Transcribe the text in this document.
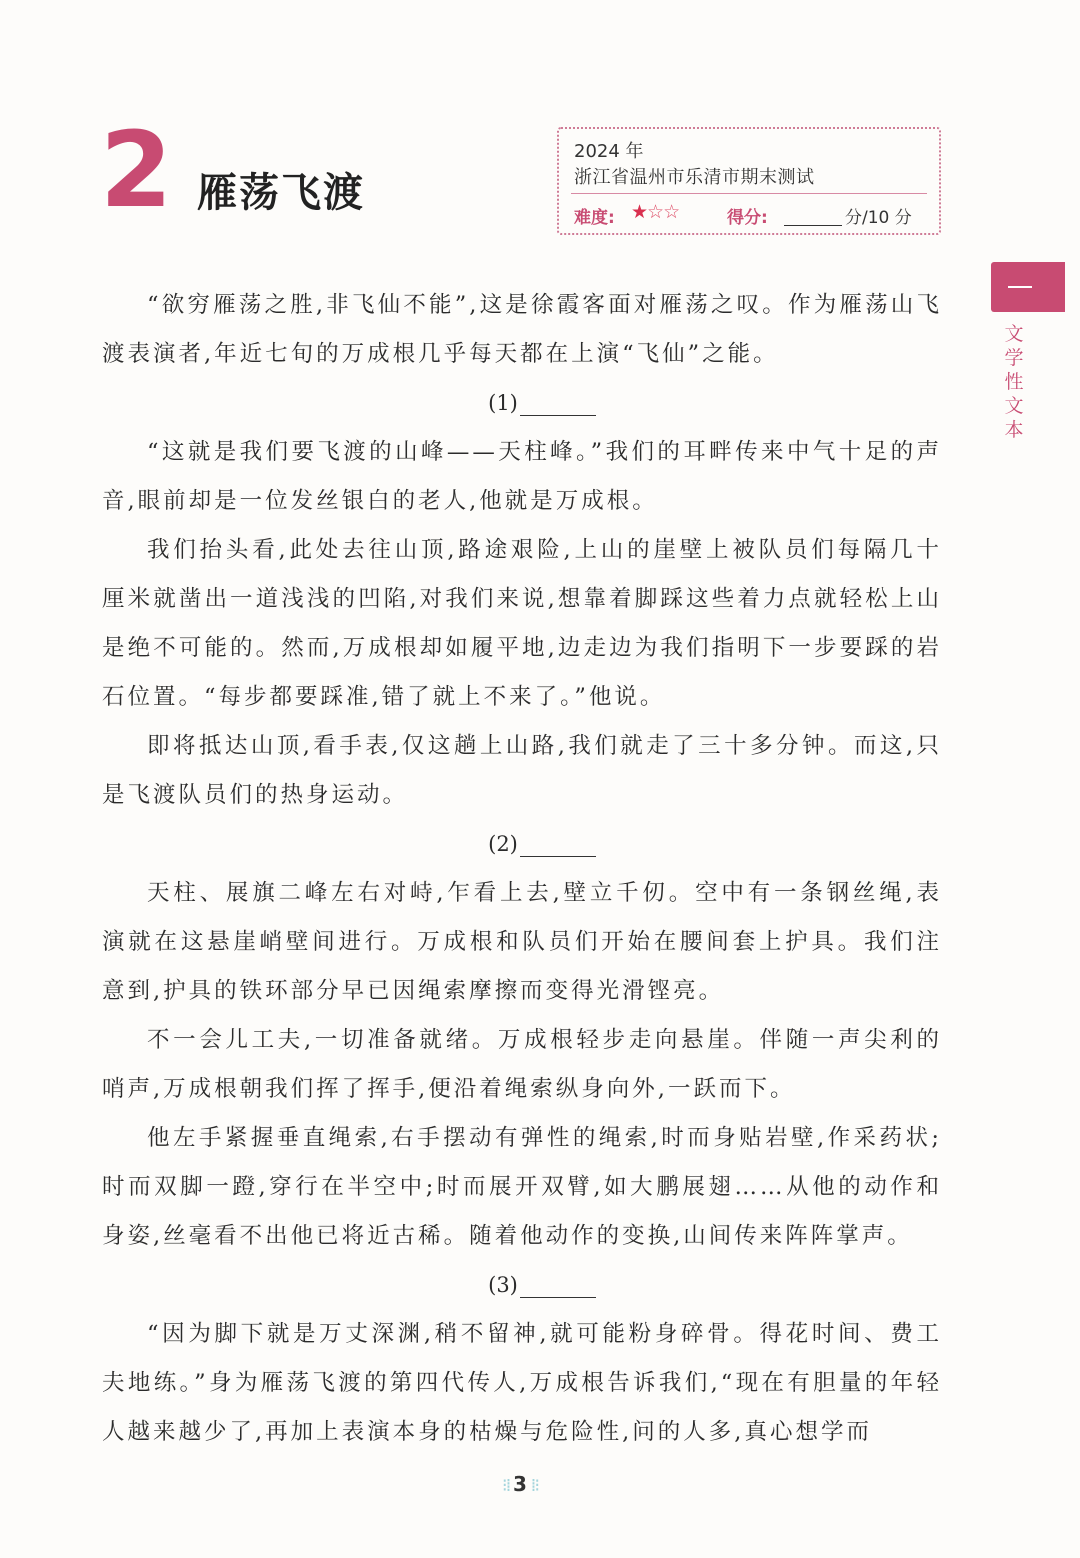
2 雁荡飞渡
2024 年
浙江省温州市乐清市期末测试
难度: ★☆☆	得分:	分/10 分
文学性文本

“欲穷雁荡之胜,非飞仙不能”,这是徐霞客面对雁荡之叹。作为雁荡山飞渡表演者,年近七旬的万成根几乎每天都在上演“飞仙”之能。

(1)

“这就是我们要飞渡的山峰——天柱峰。”我们的耳畔传来中气十足的声音,眼前却是一位发丝银白的老人,他就是万成根。

我们抬头看,此处去往山顶,路途艰险,上山的崖壁上被队员们每隔几十厘米就凿出一道浅浅的凹陷,对我们来说,想靠着脚踩这些着力点就轻松上山是绝不可能的。然而,万成根却如履平地,边走边为我们指明下一步要踩的岩石位置。“每步都要踩准,错了就上不来了。”他说。

即将抵达山顶,看手表,仅这趟上山路,我们就走了三十多分钟。而这,只是飞渡队员们的热身运动。

(2)

天柱、展旗二峰左右对峙,乍看上去,壁立千仞。空中有一条钢丝绳,表演就在这悬崖峭壁间进行。万成根和队员们开始在腰间套上护具。我们注意到,护具的铁环部分早已因绳索摩擦而变得光滑铿亮。

不一会儿工夫,一切准备就绪。万成根轻步走向悬崖。伴随一声尖利的哨声,万成根朝我们挥了挥手,便沿着绳索纵身向外,一跃而下。

他左手紧握垂直绳索,右手摆动有弹性的绳索,时而身贴岩壁,作采药状;时而双脚一蹬,穿行在半空中;时而展开双臂,如大鹏展翅……从他的动作和身姿,丝毫看不出他已将近古稀。随着他动作的变换,山间传来阵阵掌声。

(3)

“因为脚下就是万丈深渊,稍不留神,就可能粉身碎骨。得花时间、费工夫地练。”身为雁荡飞渡的第四代传人,万成根告诉我们,“现在有胆量的年轻人越来越少了,再加上表演本身的枯燥与危险性,问的人多,真心想学而

⁝⁞ 3 ⁞⁝
